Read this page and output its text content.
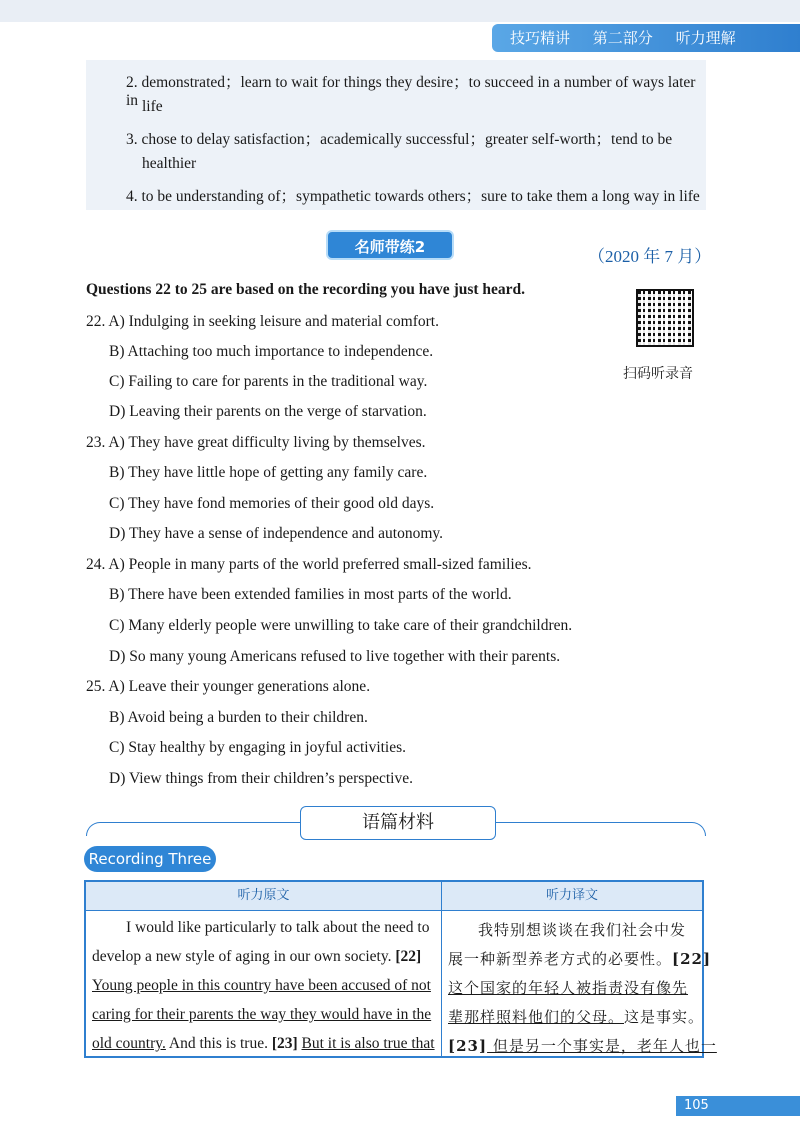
技巧精讲 第二部分 听力理解
2. demonstrated；learn to wait for things they desire；to succeed in a number of ways later in life
3. chose to delay satisfaction；academically successful；greater self-worth；tend to be
healthier
4. to be understanding of；sympathetic towards others；sure to take them a long way in life
名师带练2	（2020 年 7 月）
Questions 22 to 25 are based on the recording you have just heard.
扫码听录音
22. A) Indulging in seeking leisure and material comfort.
B) Attaching too much importance to independence.
C) Failing to care for parents in the traditional way.
D) Leaving their parents on the verge of starvation.
23. A) They have great difficulty living by themselves.
B) They have little hope of getting any family care.
C) They have fond memories of their good old days.
D) They have a sense of independence and autonomy.
24. A) People in many parts of the world preferred small-sized families.
B) There have been extended families in most parts of the world.
C) Many elderly people were unwilling to take care of their grandchildren.
D) So many young Americans refused to live together with their parents.
25. A) Leave their younger generations alone.
B) Avoid being a burden to their children.
C) Stay healthy by engaging in joyful activities.
D) View things from their children’s perspective.
语篇材料
Recording Three
听力原文	听力译文
I would like particularly to talk about the need to
develop a new style of aging in our own society. [22]
Young people in this country have been accused of not
caring for their parents the way they would have in the
old country. And this is true. [23] But it is also true that
我特别想谈谈在我们社会中发
展一种新型养老方式的必要性。[22]
这个国家的年轻人被指责没有像先
辈那样照料他们的父母。这是事实。
[23] 但是另一个事实是，老年人也一
105
